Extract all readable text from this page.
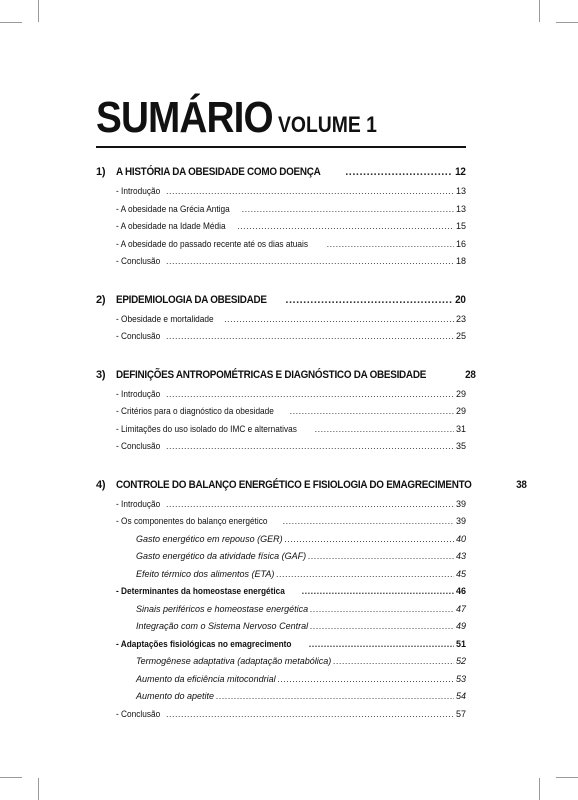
SUMÁRIO VOLUME 1
1) A HISTÓRIA DA OBESIDADE COMO DOENÇA .....	12
- Introdução .....	13
- A obesidade na Grécia Antiga .....	13
- A obesidade na Idade Média .....	15
- A obesidade do passado recente até os dias atuais .....	16
- Conclusão .....	18
2) EPIDEMIOLOGIA DA OBESIDADE .....	20
- Obesidade e mortalidade .....	23
- Conclusão .....	25
3) DEFINIÇÕES ANTROPOMÉTRICAS E DIAGNÓSTICO DA OBESIDADE	28
- Introdução .....	29
- Critérios para o diagnóstico da obesidade .....	29
- Limitações do uso isolado do IMC e alternativas .....	31
- Conclusão .....	35
4) CONTROLE DO BALANÇO ENERGÉTICO E FISIOLOGIA DO EMAGRECIMENTO	38
- Introdução .....	39
- Os componentes do balanço energético .....	39
Gasto energético em repouso (GER) .....	40
Gasto energético da atividade física (GAF) .....	43
Efeito térmico dos alimentos (ETA) .....	45
- Determinantes da homeostase energética .....	46
Sinais periféricos e homeostase energética .....	47
Integração com o Sistema Nervoso Central .....	49
- Adaptações fisiológicas no emagrecimento .....	51
Termogênese adaptativa (adaptação metabólica) .....	52
Aumento da eficiência mitocondrial .....	53
Aumento do apetite .....	54
- Conclusão .....	57
